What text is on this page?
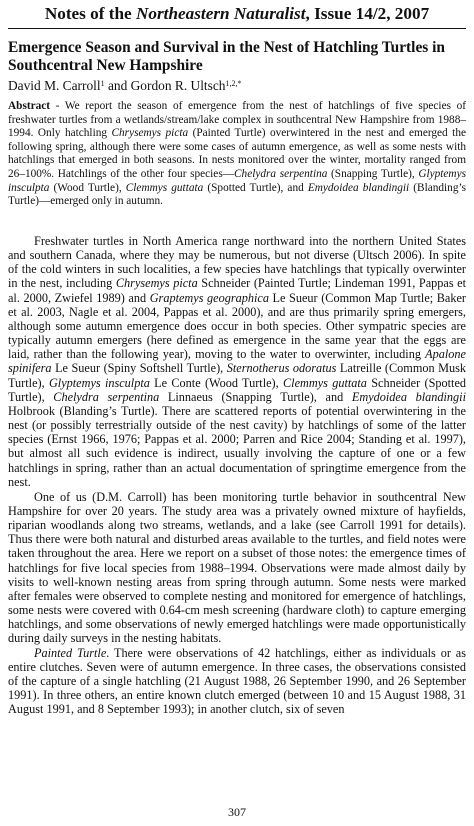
Notes of the Northeastern Naturalist, Issue 14/2, 2007
Emergence Season and Survival in the Nest of Hatchling Turtles in Southcentral New Hampshire
David M. Carroll$^1$ and Gordon R. Ultsch$^{1,2,*}$
Abstract - We report the season of emergence from the nest of hatchlings of five species of freshwater turtles from a wetlands/stream/lake complex in southcentral New Hampshire from 1988–1994. Only hatchling Chrysemys picta (Painted Turtle) overwintered in the nest and emerged the following spring, although there were some cases of autumn emergence, as well as some nests with hatchlings that emerged in both seasons. In nests monitored over the winter, mortality ranged from 26–100%. Hatchlings of the other four species—Chelydra serpentina (Snapping Turtle), Glyptemys insculpta (Wood Turtle), Clemmys guttata (Spotted Turtle), and Emydoidea blandingii (Blanding’s Turtle)—emerged only in autumn.

Freshwater turtles in North America range northward into the northern United States and southern Canada, where they may be numerous, but not diverse (Ultsch 2006). In spite of the cold winters in such localities, a few species have hatchlings that typically overwinter in the nest, including Chrysemys picta Schneider (Painted Turtle; Lindeman 1991, Pappas et al. 2000, Zwiefel 1989) and Graptemys geographica Le Sueur (Common Map Turtle; Baker et al. 2003, Nagle et al. 2004, Pappas et al. 2000), and are thus primarily spring emergers, although some autumn emergence does occur in both species. Other sympatric species are typically autumn emergers (here defined as emergence in the same year that the eggs are laid, rather than the following year), moving to the water to overwinter, including Apalone spinifera Le Sueur (Spiny Softshell Turtle), Sternotherus odoratus Latreille (Common Musk Turtle), Glyptemys insculpta Le Conte (Wood Turtle), Clemmys guttata Schneider (Spotted Turtle), Chelydra serpentina Linnaeus (Snapping Turtle), and Emydoidea blandingii Holbrook (Blanding’s Turtle). There are scattered reports of potential overwintering in the nest (or possibly terrestrially outside of the nest cavity) by hatchlings of some of the latter species (Ernst 1966, 1976; Pappas et al. 2000; Parren and Rice 2004; Standing et al. 1997), but almost all such evidence is indirect, usually involving the capture of one or a few hatchlings in spring, rather than an actual documentation of springtime emergence from the nest.

One of us (D.M. Carroll) has been monitoring turtle behavior in southcentral New Hampshire for over 20 years. The study area was a privately owned mixture of hayfields, riparian woodlands along two streams, wetlands, and a lake (see Carroll 1991 for details). Thus there were both natural and disturbed areas available to the turtles, and field notes were taken throughout the area. Here we report on a subset of those notes: the emergence times of hatchlings for five local species from 1988–1994. Observations were made almost daily by visits to well-known nesting areas from spring through autumn. Some nests were marked after females were observed to complete nesting and monitored for emergence of hatchlings, some nests were covered with 0.64-cm mesh screening (hardware cloth) to capture emerging hatchlings, and some observations of newly emerged hatchlings were made opportunistically during daily surveys in the nesting habitats.

Painted Turtle. There were observations of 42 hatchlings, either as individuals or as entire clutches. Seven were of autumn emergence. In three cases, the observations consisted of the capture of a single hatchling (21 August 1988, 26 September 1990, and 26 September 1991). In three others, an entire known clutch emerged (between 10 and 15 August 1988, 31 August 1991, and 8 September 1993); in another clutch, six of seven

307
